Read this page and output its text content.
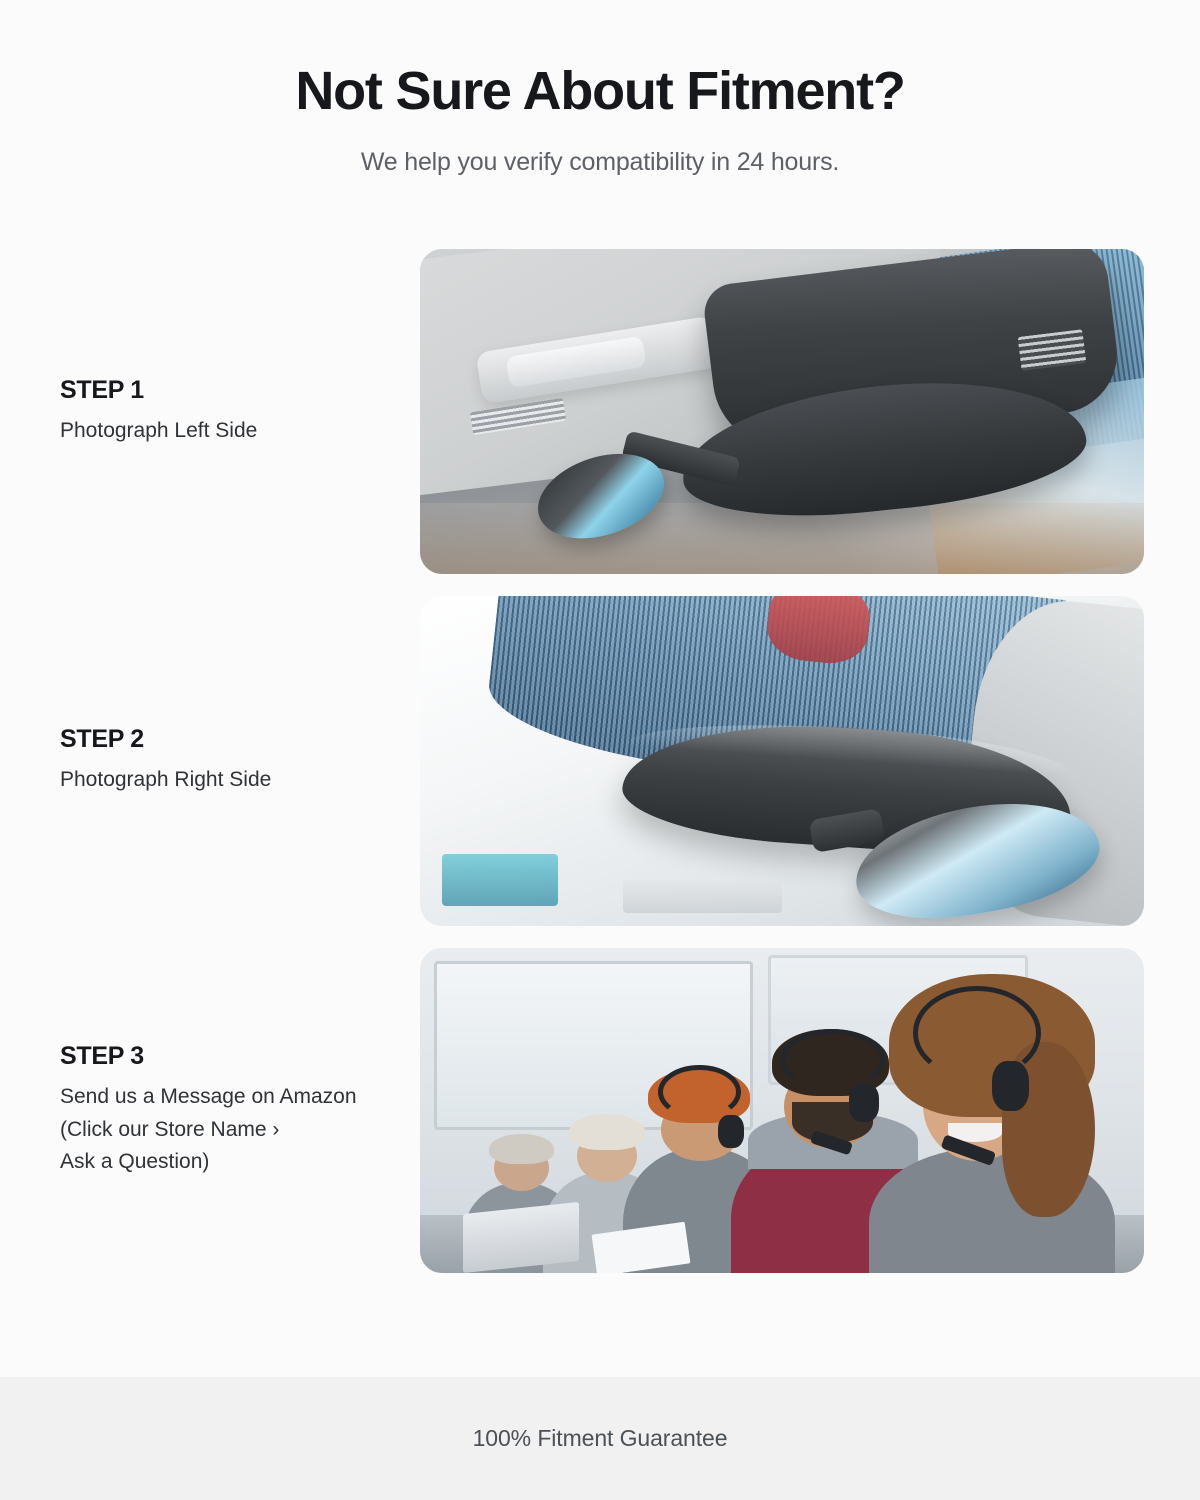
Not Sure About Fitment?

We help you verify compatibility in 24 hours.

STEP 1
Photograph Left Side
STEP 2
Photograph Right Side
STEP 3
Send us a Message on Amazon
(Click our Store Name ›
Ask a Question)
100% Fitment Guarantee
